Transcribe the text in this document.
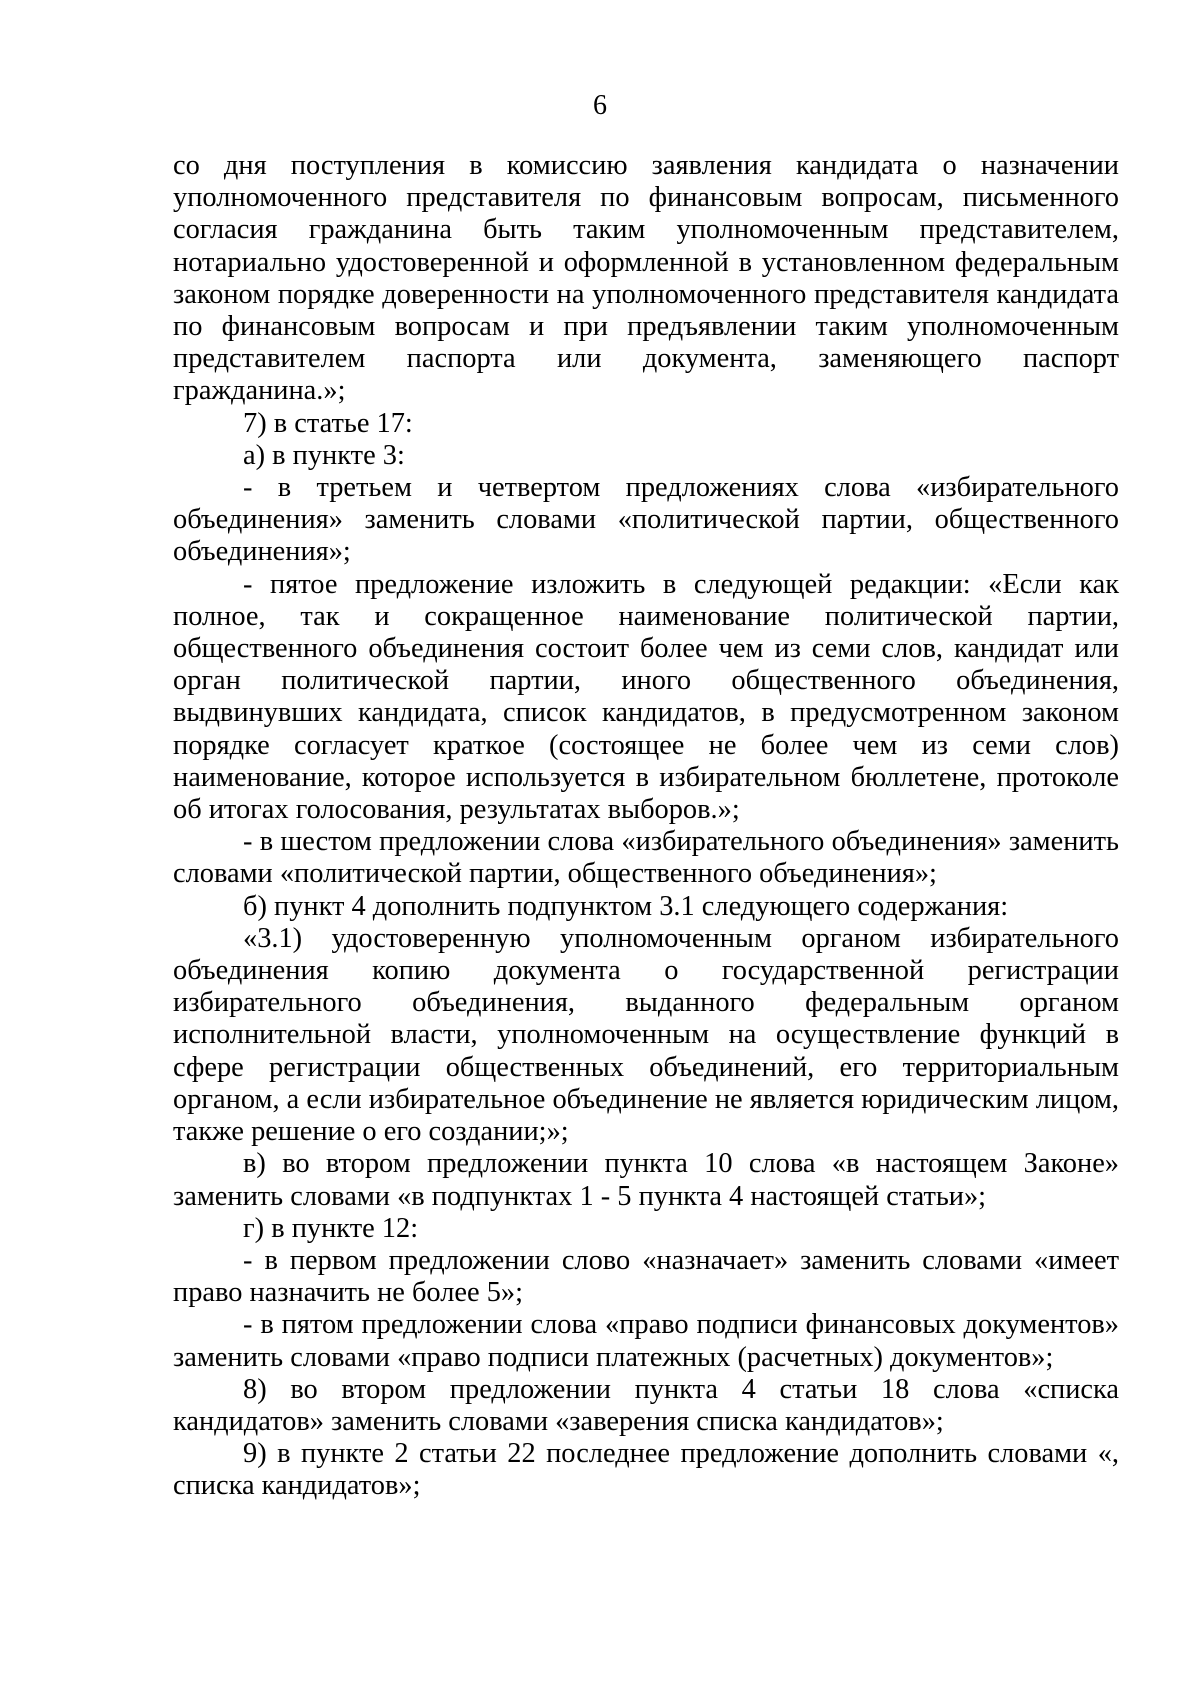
6

со дня поступления в комиссию заявления кандидата о назначении уполномоченного представителя по финансовым вопросам, письменного согласия гражданина быть таким уполномоченным представителем, нотариально удостоверенной и оформленной в установленном федеральным законом порядке доверенности на уполномоченного представителя кандидата по финансовым вопросам и при предъявлении таким уполномоченным представителем паспорта или документа, заменяющего паспорт гражданина.»;

7) в статье 17:

а) в пункте 3:

- в третьем и четвертом предложениях слова «избирательного объединения» заменить словами «политической партии, общественного объединения»;

- пятое предложение изложить в следующей редакции: «Если как полное, так и сокращенное наименование политической партии, общественного объединения состоит более чем из семи слов, кандидат или орган политической партии, иного общественного объединения, выдвинувших кандидата, список кандидатов, в предусмотренном законом порядке согласует краткое (состоящее не более чем из семи слов) наименование, которое используется в избирательном бюллетене, протоколе об итогах голосования, результатах выборов.»;

- в шестом предложении слова «избирательного объединения» заменить словами «политической партии, общественного объединения»;

б) пункт 4 дополнить подпунктом 3.1 следующего содержания:

«3.1) удостоверенную уполномоченным органом избирательного объединения копию документа о государственной регистрации избирательного объединения, выданного федеральным органом исполнительной власти, уполномоченным на осуществление функций в сфере регистрации общественных объединений, его территориальным органом, а если избирательное объединение не является юридическим лицом, также решение о его создании;»;

в) во втором предложении пункта 10 слова «в настоящем Законе» заменить словами «в подпунктах 1 - 5 пункта 4 настоящей статьи»;

г) в пункте 12:

- в первом предложении слово «назначает» заменить словами «имеет право назначить не более 5»;

- в пятом предложении слова «право подписи финансовых документов» заменить словами «право подписи платежных (расчетных) документов»;

8) во втором предложении пункта 4 статьи 18 слова «списка кандидатов» заменить словами «заверения списка кандидатов»;

9) в пункте 2 статьи 22 последнее предложение дополнить словами «, списка кандидатов»;
